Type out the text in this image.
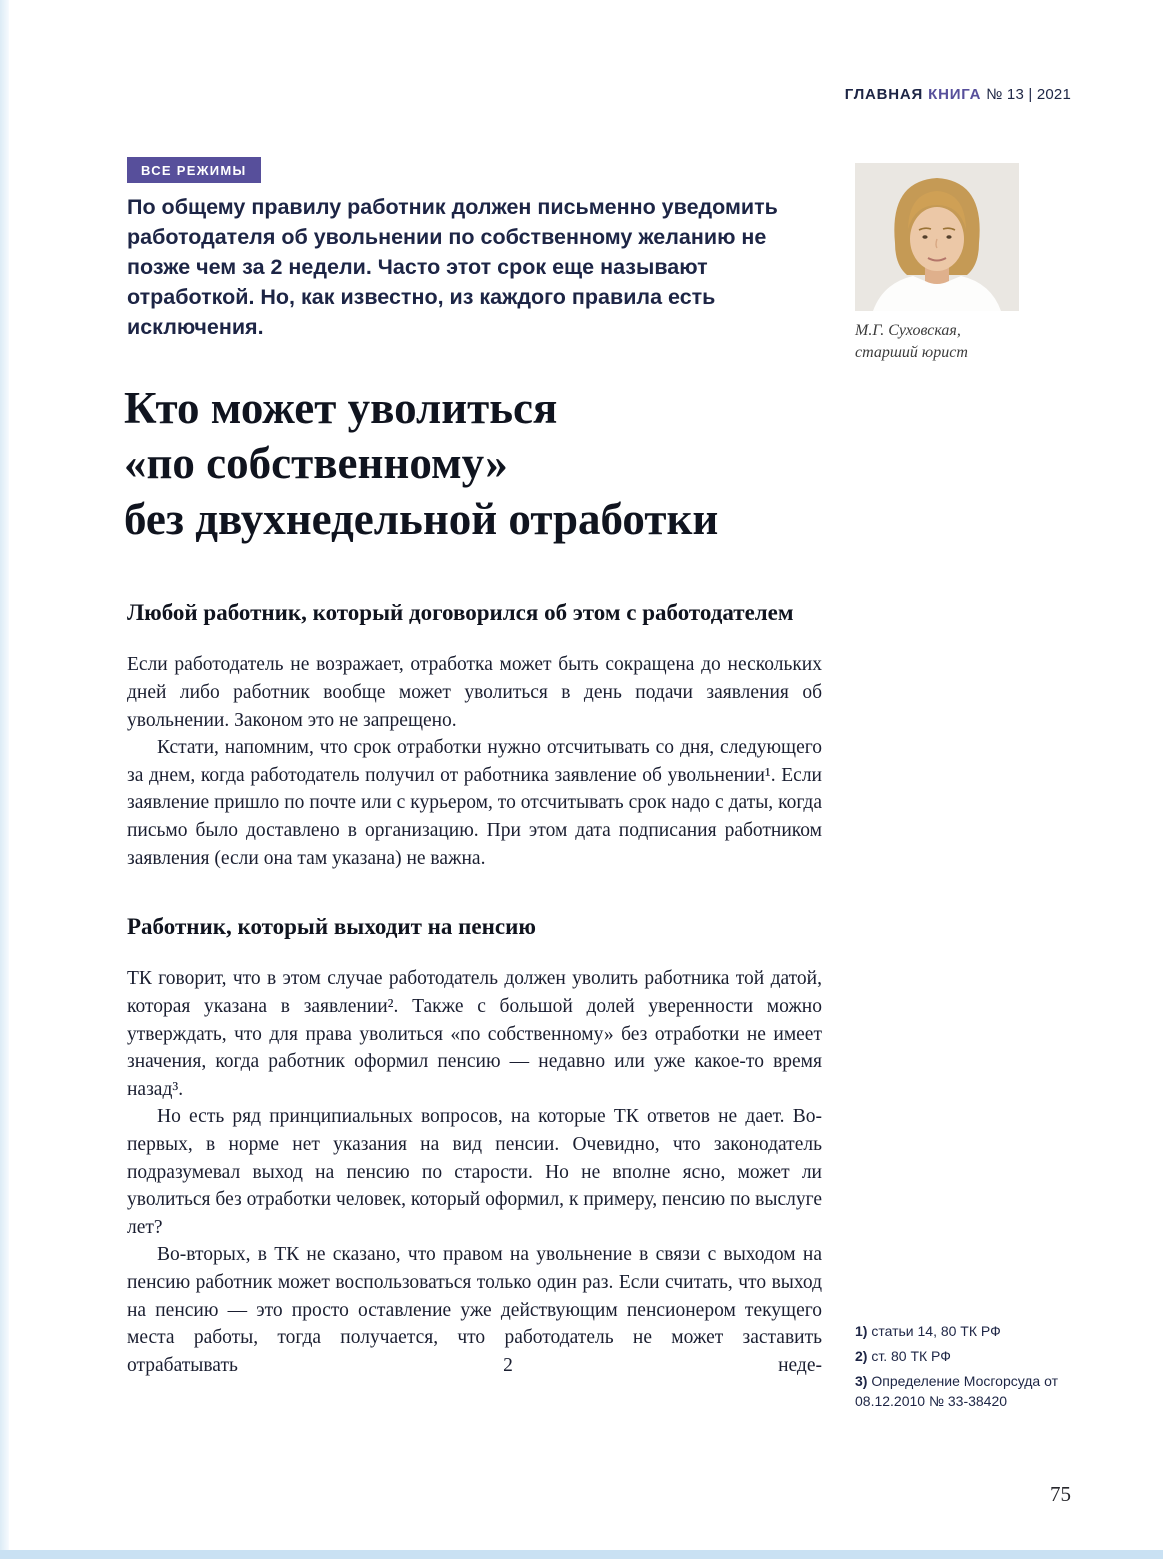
ГЛАВНАЯ КНИГА № 13 | 2021
ВСЕ РЕЖИМЫ

По общему правилу работник должен письменно уведомить работодателя об увольнении по собственному желанию не позже чем за 2 недели. Часто этот срок еще называют отработкой. Но, как известно, из каждого правила есть исключения.	М.Г. Суховская,
старший юрист
Кто может уволиться
«по собственному»
без двухнедельной отработки
Любой работник, который договорился об этом с работодателем

Если работодатель не возражает, отработка может быть сокращена до нескольких дней либо работник вообще может уволиться в день подачи заявления об увольнении. Законом это не запрещено.

Кстати, напомним, что срок отработки нужно отсчитывать со дня, следующего за днем, когда работодатель получил от работника заявление об увольнении¹. Если заявление пришло по почте или с курьером, то отсчитывать срок надо с даты, когда письмо было доставлено в организацию. При этом дата подписания работником заявления (если она там указана) не важна.

Работник, который выходит на пенсию

ТК говорит, что в этом случае работодатель должен уволить работника той датой, которая указана в заявлении². Также с большой долей уверенности можно утверждать, что для права уволиться «по собственному» без отработки не имеет значения, когда работник оформил пенсию — недавно или уже какое-то время назад³.

Но есть ряд принципиальных вопросов, на которые ТК ответов не дает. Во-первых, в норме нет указания на вид пенсии. Очевидно, что законодатель подразумевал выход на пенсию по старости. Но не вполне ясно, может ли уволиться без отработки человек, который оформил, к примеру, пенсию по выслуге лет?

Во-вторых, в ТК не сказано, что правом на увольнение в связи с выходом на пенсию работник может воспользоваться только один раз. Если считать, что выход на пенсию — это просто оставление уже действующим пенсионером текущего места работы, тогда получается, что работодатель не может заставить отрабатывать 2 неде-

1) статьи 14, 80 ТК РФ
2) ст. 80 ТК РФ
3) Определение Мосгорсуда от 08.12.2010 № 33-38420
75
